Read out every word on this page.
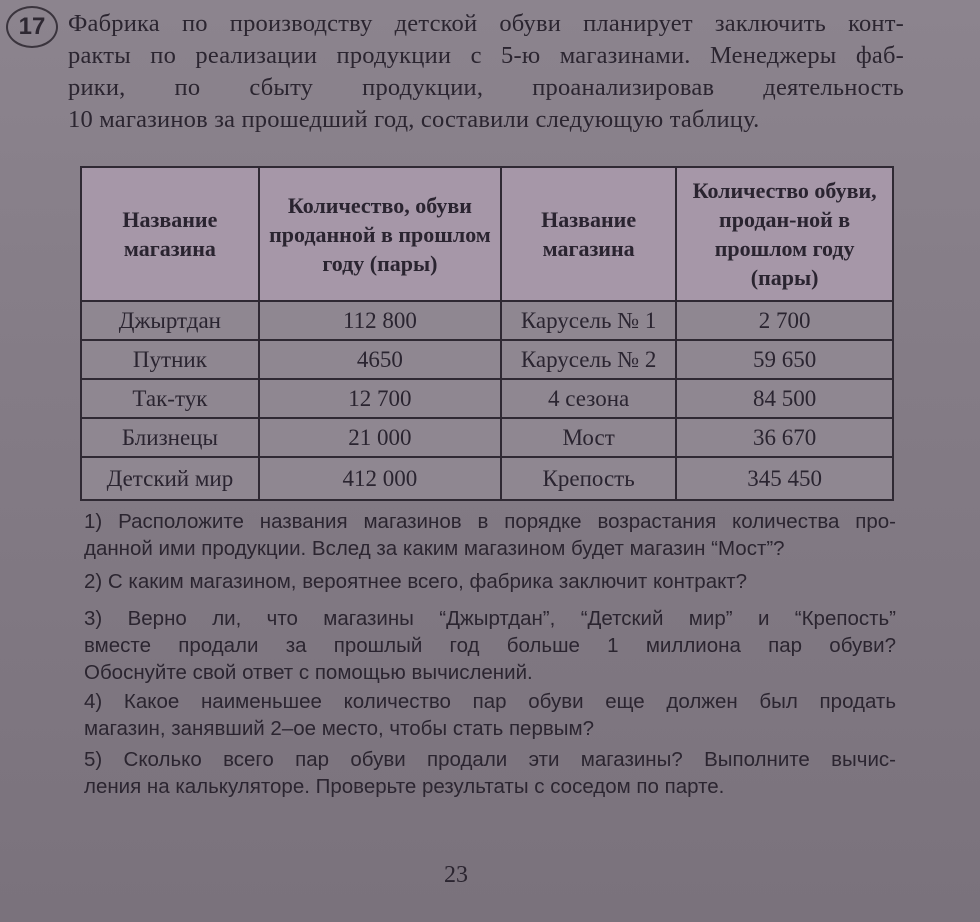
17 Фабрика по производству детской обуви планирует заключить конт-
ракты по реализации продукции с 5-ю магазинами. Менеджеры фаб-
рики, по сбыту продукции, проанализировав деятельность
10 магазинов за прошедший год, составили следующую таблицу.
Название магазина	Количество, обуви проданной в прошлом году (пары)	Название магазина	Количество обуви, продан-ной в прошлом году (пары)
Джыртдан	112 800	Карусель № 1	2 700
Путник	4650	Карусель № 2	59 650
Так-тук	12 700	4 сезона	84 500
Близнецы	21 000	Мост	36 670
Детский мир	412 000	Крепость	345 450
1) Расположите названия магазинов в порядке возрастания количества про-
данной ими продукции. Вслед за каким магазином будет магазин “Мост”?
2) С каким магазином, вероятнее всего, фабрика заключит контракт?
3) Верно ли, что магазины “Джыртдан”, “Детский мир” и “Крепость”
вместе продали за прошлый год больше 1 миллиона пар обуви?
Обоснуйте свой ответ с помощью вычислений.
4) Какое наименьшее количество пар обуви еще должен был продать
магазин, занявший 2–ое место, чтобы стать первым?
5) Сколько всего пар обуви продали эти магазины? Выполните вычис-
ления на калькуляторе. Проверьте результаты с соседом по парте.
23
